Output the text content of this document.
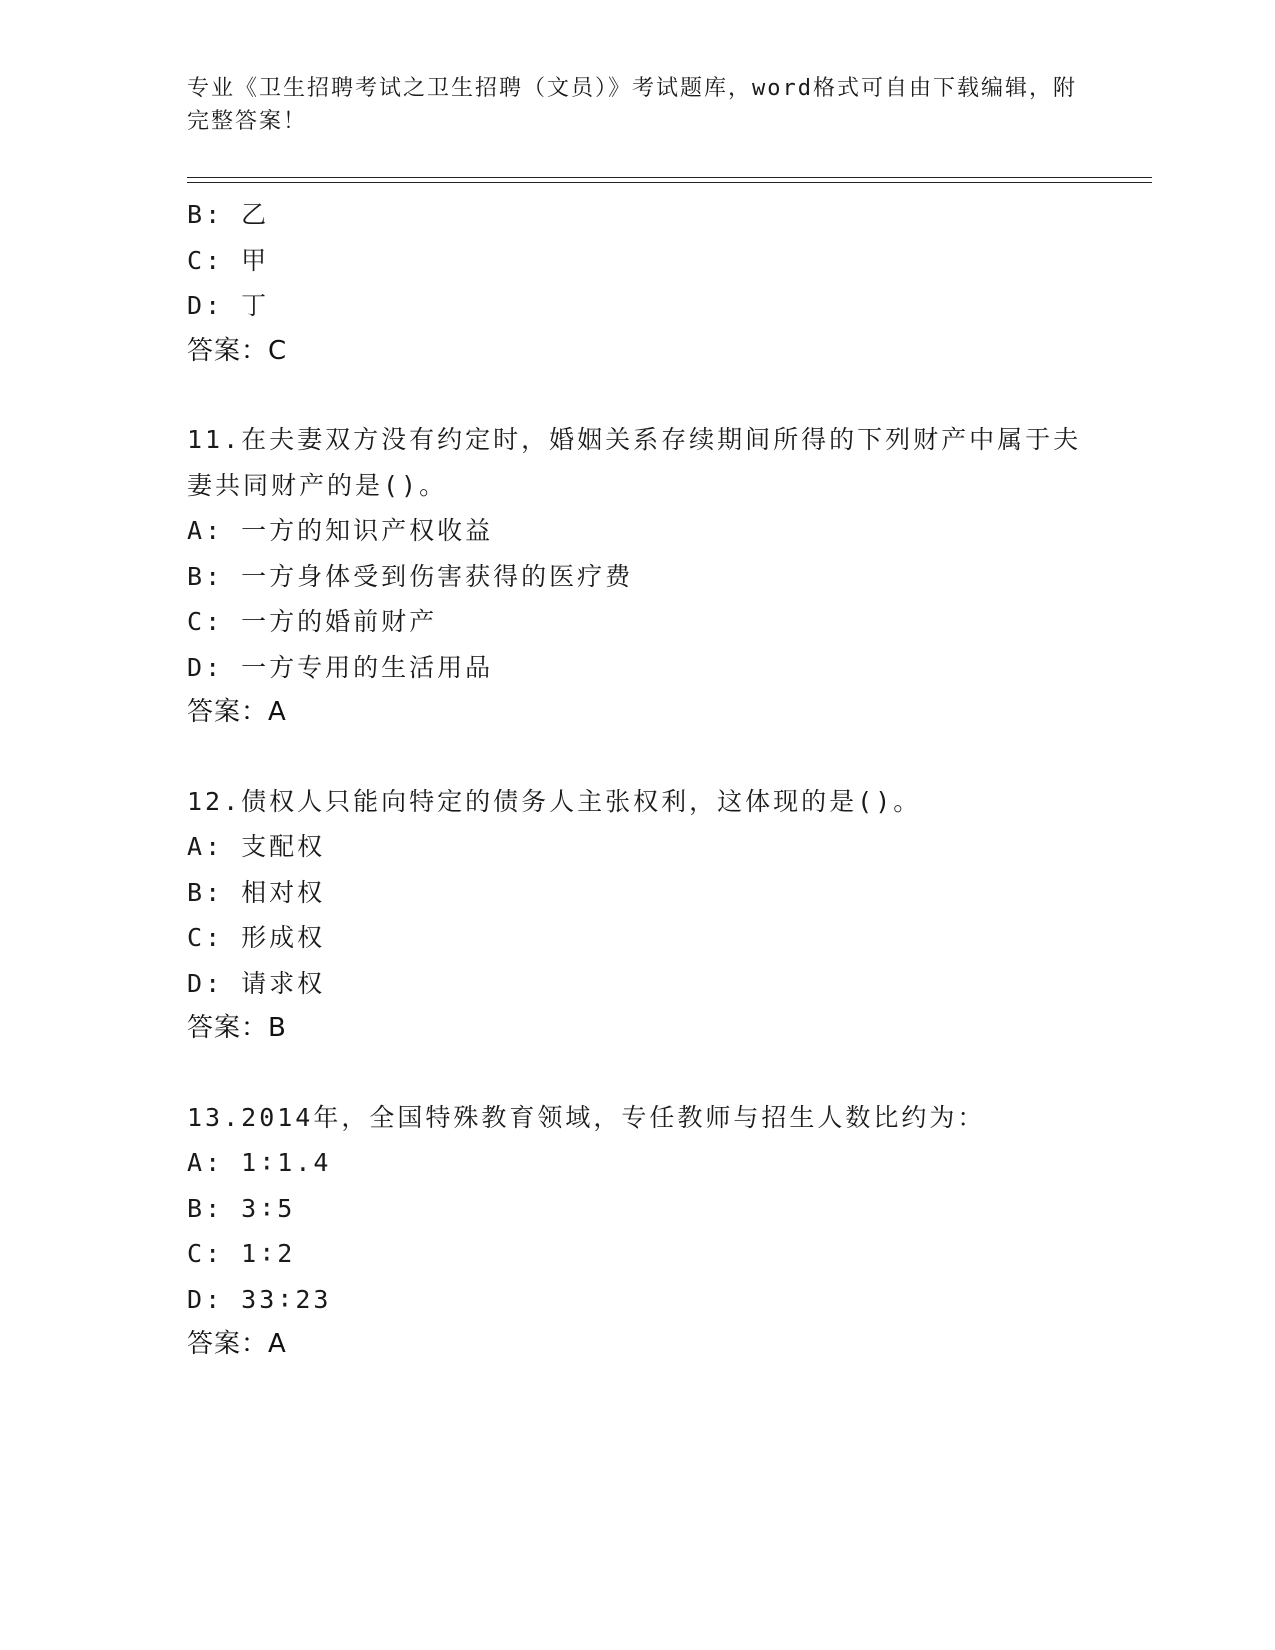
专业《卫生招聘考试之卫生招聘（文员）》考试题库，word格式可自由下载编辑，附完整答案！
B: 乙
C: 甲
D: 丁
答案：C
11.在夫妻双方没有约定时，婚姻关系存续期间所得的下列财产中属于夫妻共同财产的是()。
A: 一方的知识产权收益
B: 一方身体受到伤害获得的医疗费
C: 一方的婚前财产
D: 一方专用的生活用品
答案：A
12.债权人只能向特定的债务人主张权利，这体现的是()。
A: 支配权
B: 相对权
C: 形成权
D: 请求权
答案：B
13.2014年，全国特殊教育领域，专任教师与招生人数比约为：
A: 1∶1.4
B: 3∶5
C: 1∶2
D: 33∶23
答案：A
